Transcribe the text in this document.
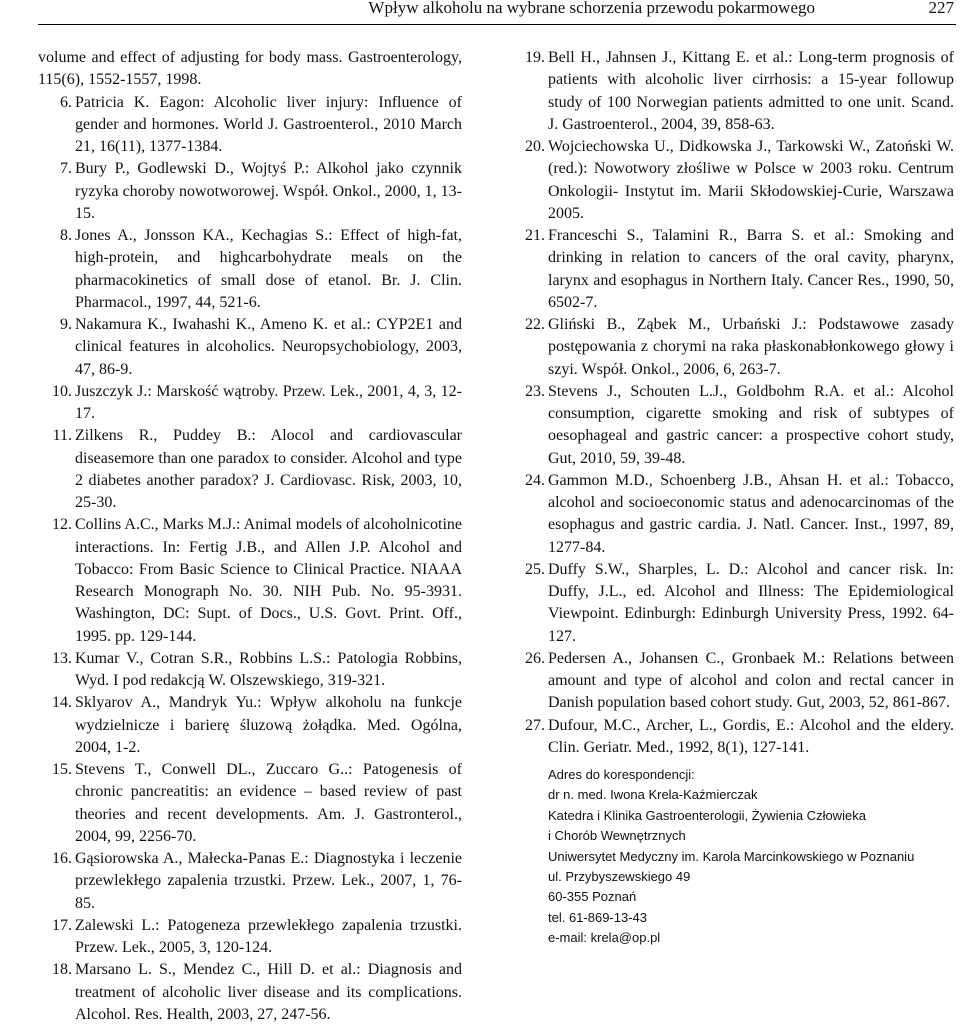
Wpływ alkoholu na wybrane schorzenia przewodu pokarmowego	227

volume and effect of adjusting for body mass. Gastroenterology, 115(6), 1552-1557, 1998.

6. Patricia K. Eagon: Alcoholic liver injury: Influence of gender and hormones. World J. Gastroenterol., 2010 March 21, 16(11), 1377-1384.

7. Bury P., Godlewski D., Wojtyś P.: Alkohol jako czynnik ryzyka choroby nowotworowej. Współ. Onkol., 2000, 1, 13-15.

8. Jones A., Jonsson KA., Kechagias S.: Effect of high-fat, high-protein, and highcarbohydrate meals on the pharmacokinetics of small dose of etanol. Br. J. Clin. Pharmacol., 1997, 44, 521-6.

9. Nakamura K., Iwahashi K., Ameno K. et al.: CYP2E1 and clinical features in alcoholics. Neuropsychobiology, 2003, 47, 86-9.

10. Juszczyk J.: Marskość wątroby. Przew. Lek., 2001, 4, 3, 12-17.

11. Zilkens R., Puddey B.: Alocol and cardiovascular diseasemore than one paradox to consider. Alcohol and type 2 diabetes another paradox? J. Cardiovasc. Risk, 2003, 10, 25-30.

12. Collins A.C., Marks M.J.: Animal models of alcoholnicotine interactions. In: Fertig J.B., and Allen J.P. Alcohol and Tobacco: From Basic Science to Clinical Practice. NIAAA Research Monograph No. 30. NIH Pub. No. 95-3931. Washington, DC: Supt. of Docs., U.S. Govt. Print. Off., 1995. pp. 129-144.

13. Kumar V., Cotran S.R., Robbins L.S.: Patologia Robbins, Wyd. I pod redakcją W. Olszewskiego, 319-321.

14. Sklyarov A., Mandryk Yu.: Wpływ alkoholu na funkcje wydzielnicze i barierę śluzową żołądka. Med. Ogólna, 2004, 1-2.

15. Stevens T., Conwell DL., Zuccaro G..: Patogenesis of chronic pancreatitis: an evidence – based review of past theories and recent developments. Am. J. Gastronterol., 2004, 99, 2256-70.

16. Gąsiorowska A., Małecka-Panas E.: Diagnostyka i leczenie przewlekłego zapalenia trzustki. Przew. Lek., 2007, 1, 76-85.

17. Zalewski L.: Patogeneza przewlekłego zapalenia trzustki. Przew. Lek., 2005, 3, 120-124.

18. Marsano L. S., Mendez C., Hill D. et al.: Diagnosis and treatment of alcoholic liver disease and its complications. Alcohol. Res. Health, 2003, 27, 247-56.

19. Bell H., Jahnsen J., Kittang E. et al.: Long-term prognosis of patients with alcoholic liver cirrhosis: a 15-year followup study of 100 Norwegian patients admitted to one unit. Scand. J. Gastroenterol., 2004, 39, 858-63.

20. Wojciechowska U., Didkowska J., Tarkowski W., Zatoński W. (red.): Nowotwory złośliwe w Polsce w 2003 roku. Centrum Onkologii- Instytut im. Marii Skłodowskiej-Curie, Warszawa 2005.

21. Franceschi S., Talamini R., Barra S. et al.: Smoking and drinking in relation to cancers of the oral cavity, pharynx, larynx and esophagus in Northern Italy. Cancer Res., 1990, 50, 6502-7.

22. Gliński B., Ząbek M., Urbański J.: Podstawowe zasady postępowania z chorymi na raka płaskonabłonkowego głowy i szyi. Współ. Onkol., 2006, 6, 263-7.

23. Stevens J., Schouten L.J., Goldbohm R.A. et al.: Alcohol consumption, cigarette smoking and risk of subtypes of oesophageal and gastric cancer: a prospective cohort study, Gut, 2010, 59, 39-48.

24. Gammon M.D., Schoenberg J.B., Ahsan H. et al.: Tobacco, alcohol and socioeconomic status and adenocarcinomas of the esophagus and gastric cardia. J. Natl. Cancer. Inst., 1997, 89, 1277-84.

25. Duffy S.W., Sharples, L. D.: Alcohol and cancer risk. In: Duffy, J.L., ed. Alcohol and Illness: The Epidemiological Viewpoint. Edinburgh: Edinburgh University Press, 1992. 64-127.

26. Pedersen A., Johansen C., Gronbaek M.: Relations between amount and type of alcohol and colon and rectal cancer in Danish population based cohort study. Gut, 2003, 52, 861-867.

27. Dufour, M.C., Archer, L., Gordis, E.: Alcohol and the eldery. Clin. Geriatr. Med., 1992, 8(1), 127-141.

Adres do korespondencji:
dr n. med. Iwona Krela-Kaźmierczak
Katedra i Klinika Gastroenterologii, Żywienia Człowieka
i Chorób Wewnętrznych
Uniwersytet Medyczny im. Karola Marcinkowskiego w Poznaniu
ul. Przybyszewskiego 49
60-355 Poznań
tel. 61-869-13-43
e-mail: krela@op.pl
